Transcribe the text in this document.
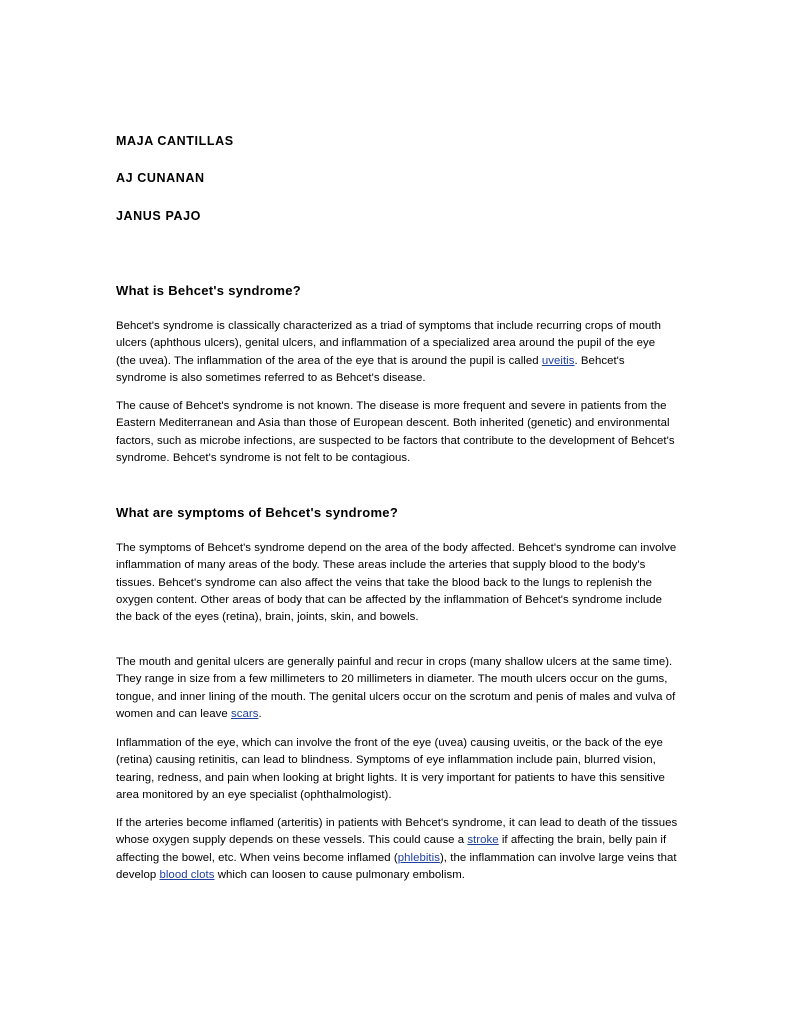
MAJA CANTILLAS

AJ CUNANAN

JANUS PAJO

What is Behcet's syndrome?

Behcet's syndrome is classically characterized as a triad of symptoms that include recurring crops of mouth ulcers (aphthous ulcers), genital ulcers, and inflammation of a specialized area around the pupil of the eye (the uvea). The inflammation of the area of the eye that is around the pupil is called uveitis. Behcet's syndrome is also sometimes referred to as Behcet's disease.

The cause of Behcet's syndrome is not known. The disease is more frequent and severe in patients from the Eastern Mediterranean and Asia than those of European descent. Both inherited (genetic) and environmental factors, such as microbe infections, are suspected to be factors that contribute to the development of Behcet's syndrome. Behcet's syndrome is not felt to be contagious.

What are symptoms of Behcet's syndrome?

The symptoms of Behcet's syndrome depend on the area of the body affected. Behcet's syndrome can involve inflammation of many areas of the body. These areas include the arteries that supply blood to the body's tissues. Behcet's syndrome can also affect the veins that take the blood back to the lungs to replenish the oxygen content. Other areas of body that can be affected by the inflammation of Behcet's syndrome include the back of the eyes (retina), brain, joints, skin, and bowels.

The mouth and genital ulcers are generally painful and recur in crops (many shallow ulcers at the same time). They range in size from a few millimeters to 20 millimeters in diameter. The mouth ulcers occur on the gums, tongue, and inner lining of the mouth. The genital ulcers occur on the scrotum and penis of males and vulva of women and can leave scars.

Inflammation of the eye, which can involve the front of the eye (uvea) causing uveitis, or the back of the eye (retina) causing retinitis, can lead to blindness. Symptoms of eye inflammation include pain, blurred vision, tearing, redness, and pain when looking at bright lights. It is very important for patients to have this sensitive area monitored by an eye specialist (ophthalmologist).

If the arteries become inflamed (arteritis) in patients with Behcet's syndrome, it can lead to death of the tissues whose oxygen supply depends on these vessels. This could cause a stroke if affecting the brain, belly pain if affecting the bowel, etc. When veins become inflamed (phlebitis), the inflammation can involve large veins that develop blood clots which can loosen to cause pulmonary embolism.
